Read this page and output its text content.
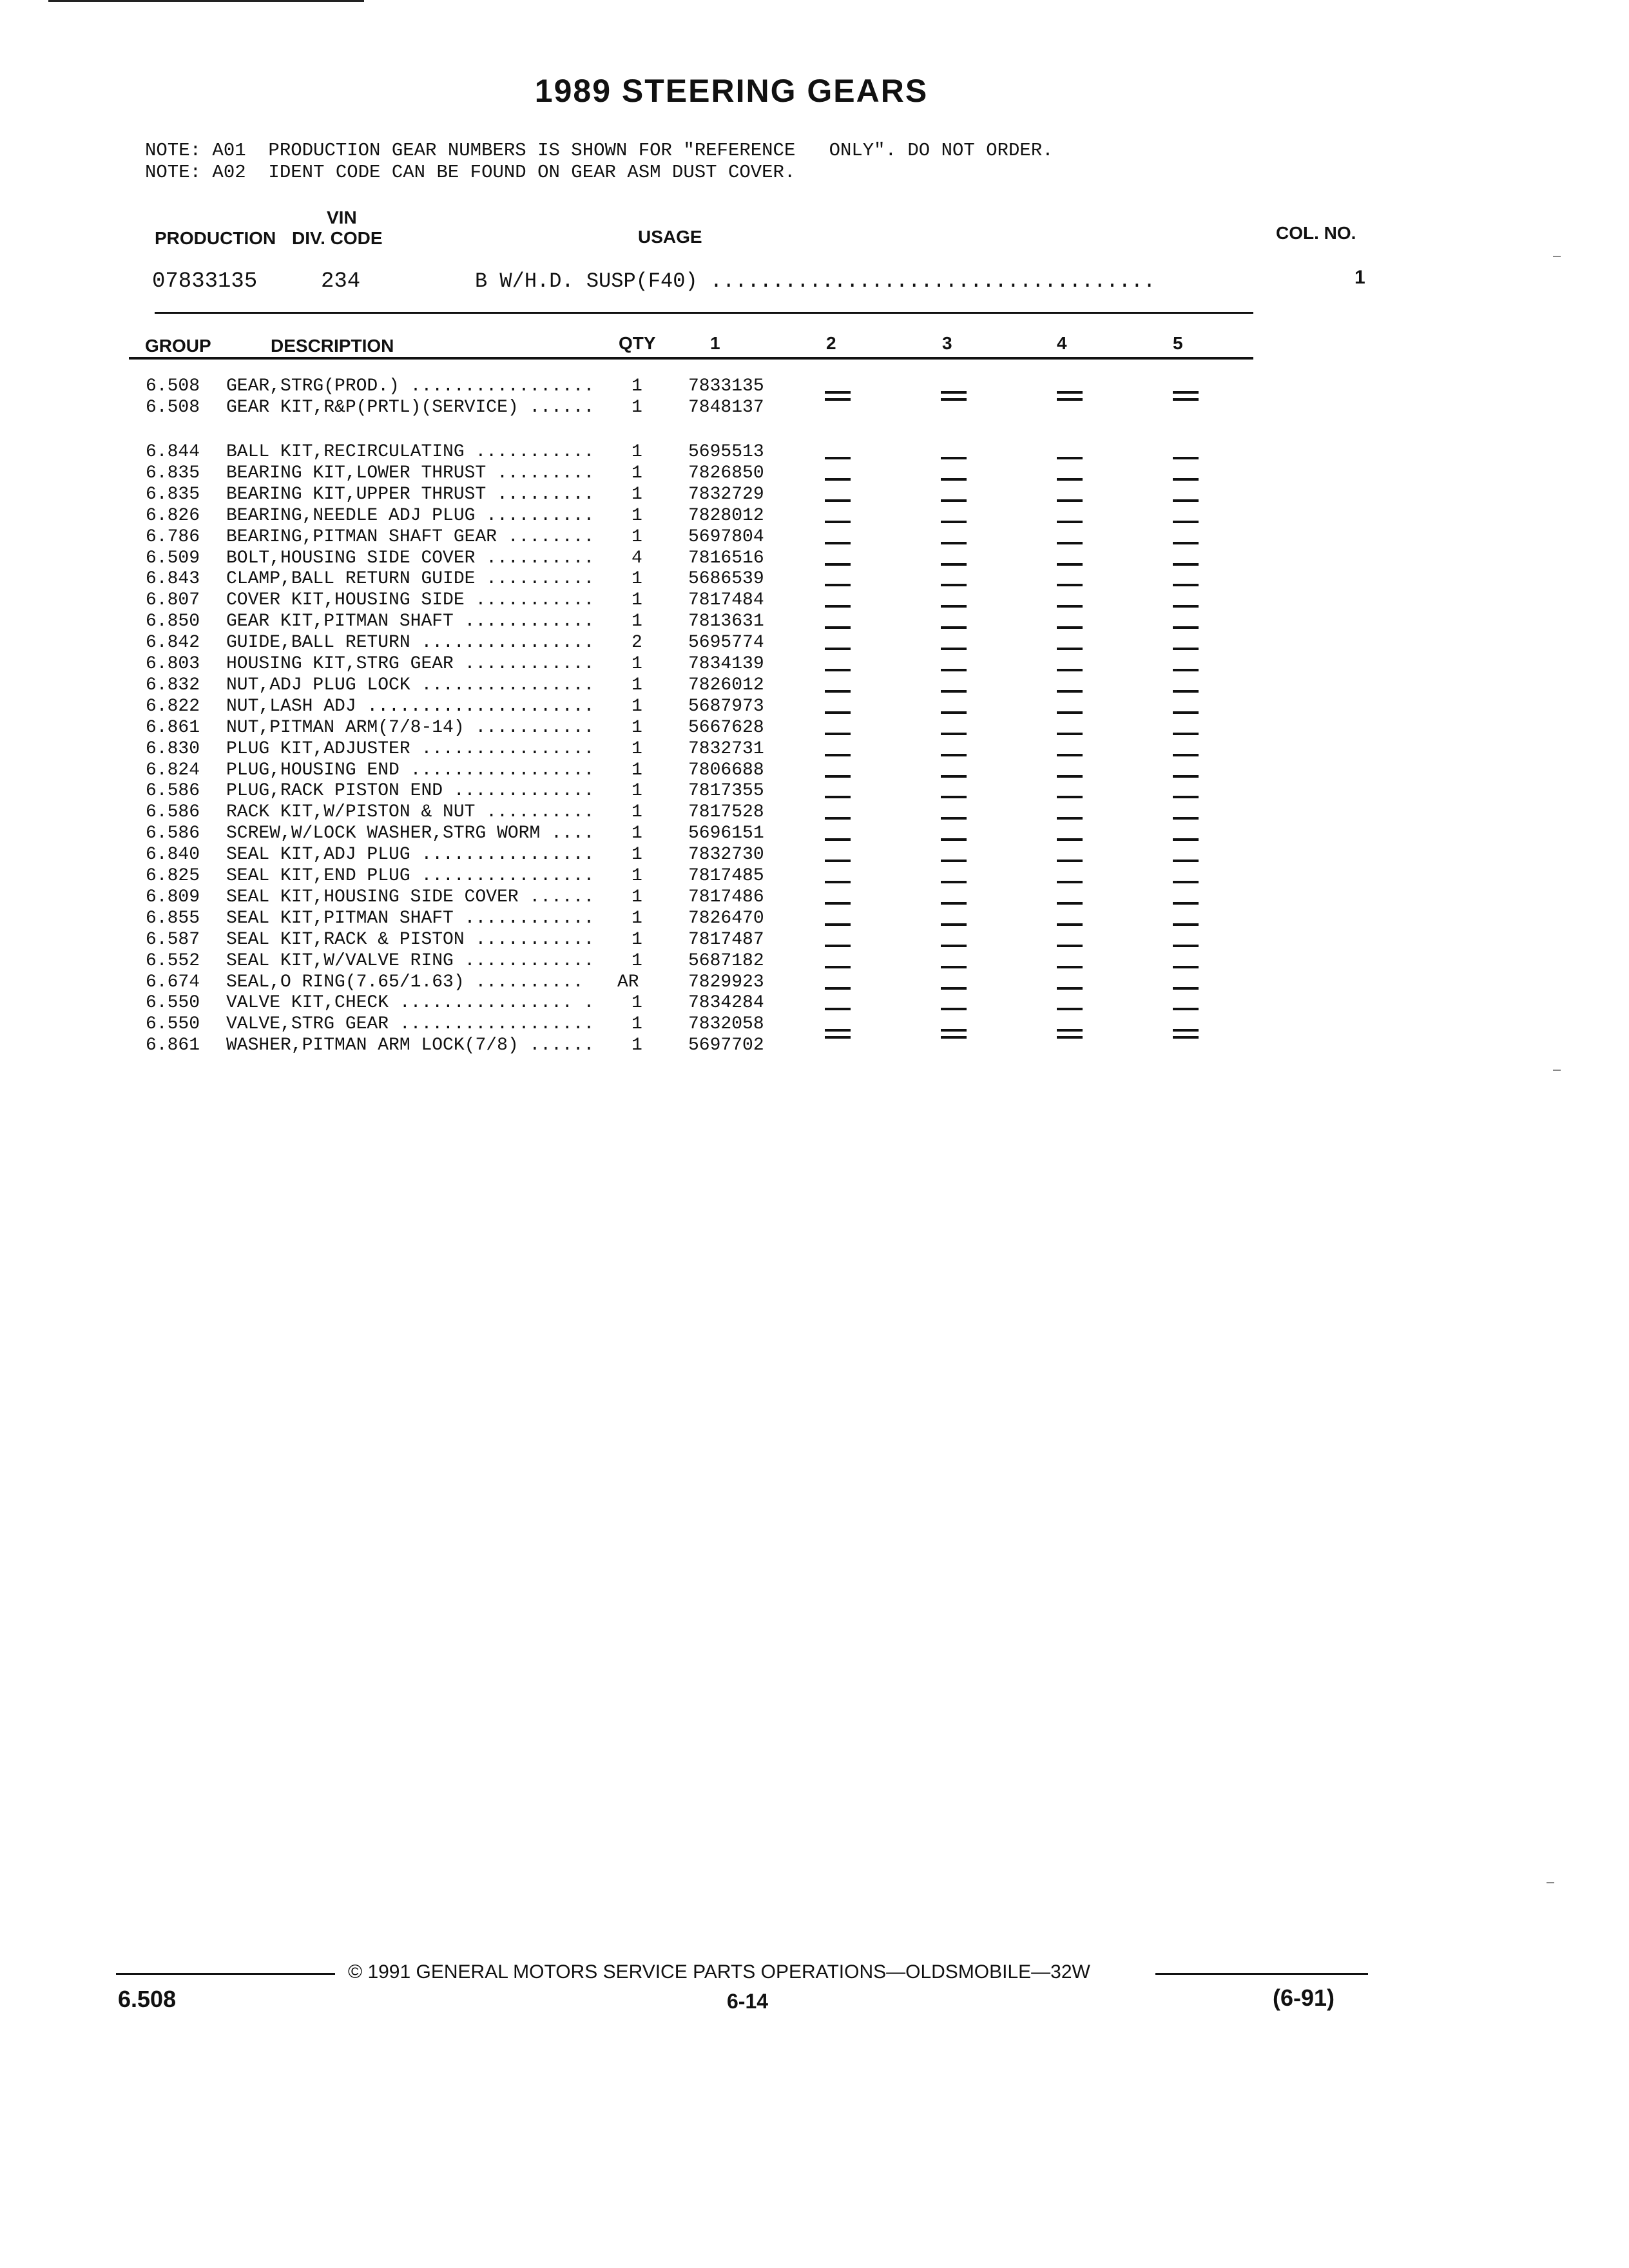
1989 STEERING GEARS
NOTE: A01  PRODUCTION GEAR NUMBERS IS SHOWN FOR "REFERENCE   ONLY". DO NOT ORDER.
NOTE: A02  IDENT CODE CAN BE FOUND ON GEAR ASM DUST COVER.
VIN
PRODUCTION DIV. CODE	USAGE	COL. NO.
07833135	234	B W/H.D. SUSP(F40) ....................................	1
GROUP	DESCRIPTION	QTY	1	2	3	4	5
6.508 GEAR,STRG(PROD.) ................. 1	7833135
6.508 GEAR KIT,R&P(PRTL)(SERVICE) ...... 1	7848137
6.844 BALL KIT,RECIRCULATING ........... 1	5695513
6.835 BEARING KIT,LOWER THRUST ......... 1	7826850
6.835 BEARING KIT,UPPER THRUST ......... 1	7832729
6.826 BEARING,NEEDLE ADJ PLUG .......... 1	7828012
6.786 BEARING,PITMAN SHAFT GEAR ........ 1	5697804
6.509 BOLT,HOUSING SIDE COVER .......... 4	7816516
6.843 CLAMP,BALL RETURN GUIDE .......... 1	5686539
6.807 COVER KIT,HOUSING SIDE ........... 1	7817484
6.850 GEAR KIT,PITMAN SHAFT ............ 1	7813631
6.842 GUIDE,BALL RETURN ................ 2	5695774
6.803 HOUSING KIT,STRG GEAR ............ 1	7834139
6.832 NUT,ADJ PLUG LOCK ................ 1	7826012
6.822 NUT,LASH ADJ ..................... 1	5687973
6.861 NUT,PITMAN ARM(7/8-14) ........... 1	5667628
6.830 PLUG KIT,ADJUSTER ................ 1	7832731
6.824 PLUG,HOUSING END ................. 1	7806688
6.586 PLUG,RACK PISTON END ............. 1	7817355
6.586 RACK KIT,W/PISTON & NUT .......... 1	7817528
6.586 SCREW,W/LOCK WASHER,STRG WORM .... 1	5696151
6.840 SEAL KIT,ADJ PLUG ................ 1	7832730
6.825 SEAL KIT,END PLUG ................ 1	7817485
6.809 SEAL KIT,HOUSING SIDE COVER ...... 1	7817486
6.855 SEAL KIT,PITMAN SHAFT ............ 1	7826470
6.587 SEAL KIT,RACK & PISTON ........... 1	7817487
6.552 SEAL KIT,W/VALVE RING ............ 1	5687182
6.674 SEAL,O RING(7.65/1.63) .......... AR	7829923
6.550 VALVE KIT,CHECK ................ . 1	7834284
6.550 VALVE,STRG GEAR .................. 1	7832058
6.861 WASHER,PITMAN ARM LOCK(7/8) ...... 1	5697702
© 1991 GENERAL MOTORS SERVICE PARTS OPERATIONS—OLDSMOBILE—32W
6.508	6-14	(6-91)
